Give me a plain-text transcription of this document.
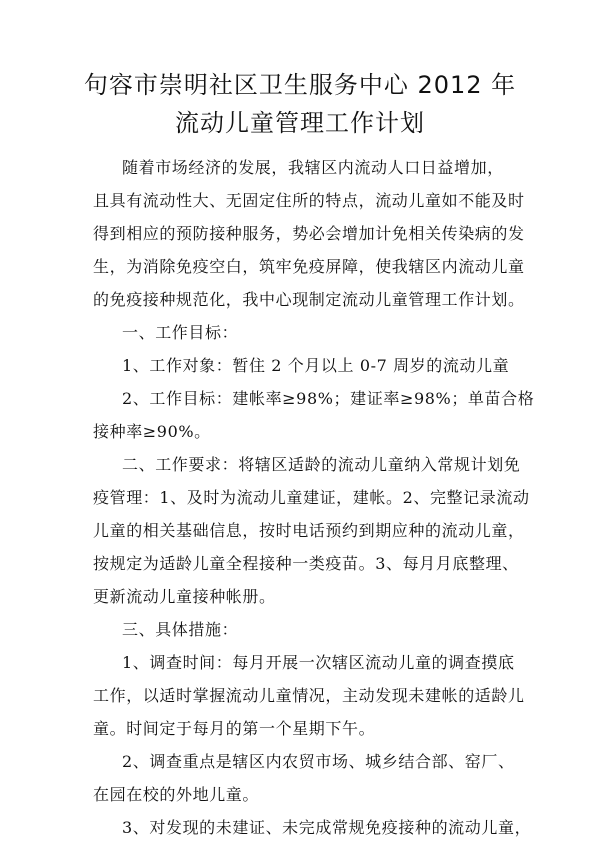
句容市崇明社区卫生服务中心 2012 年
流动儿童管理工作计划
随着市场经济的发展，我辖区内流动人口日益增加，
且具有流动性大、无固定住所的特点，流动儿童如不能及时
得到相应的预防接种服务，势必会增加计免相关传染病的发
生，为消除免疫空白，筑牢免疫屏障，使我辖区内流动儿童
的免疫接种规范化，我中心现制定流动儿童管理工作计划。
一、工作目标：
1、工作对象：暂住 2 个月以上 0-7 周岁的流动儿童
2、工作目标：建帐率≥98%；建证率≥98%；单苗合格
接种率≥90%。
二、工作要求：将辖区适龄的流动儿童纳入常规计划免
疫管理：1、及时为流动儿童建证，建帐。2、完整记录流动
儿童的相关基础信息，按时电话预约到期应种的流动儿童，
按规定为适龄儿童全程接种一类疫苗。3、每月月底整理、
更新流动儿童接种帐册。
三、具体措施：
1、调查时间：每月开展一次辖区流动儿童的调查摸底
工作，以适时掌握流动儿童情况，主动发现未建帐的适龄儿
童。时间定于每月的第一个星期下午。
2、调查重点是辖区内农贸市场、城乡结合部、窑厂、
在园在校的外地儿童。
3、对发现的未建证、未完成常规免疫接种的流动儿童，
